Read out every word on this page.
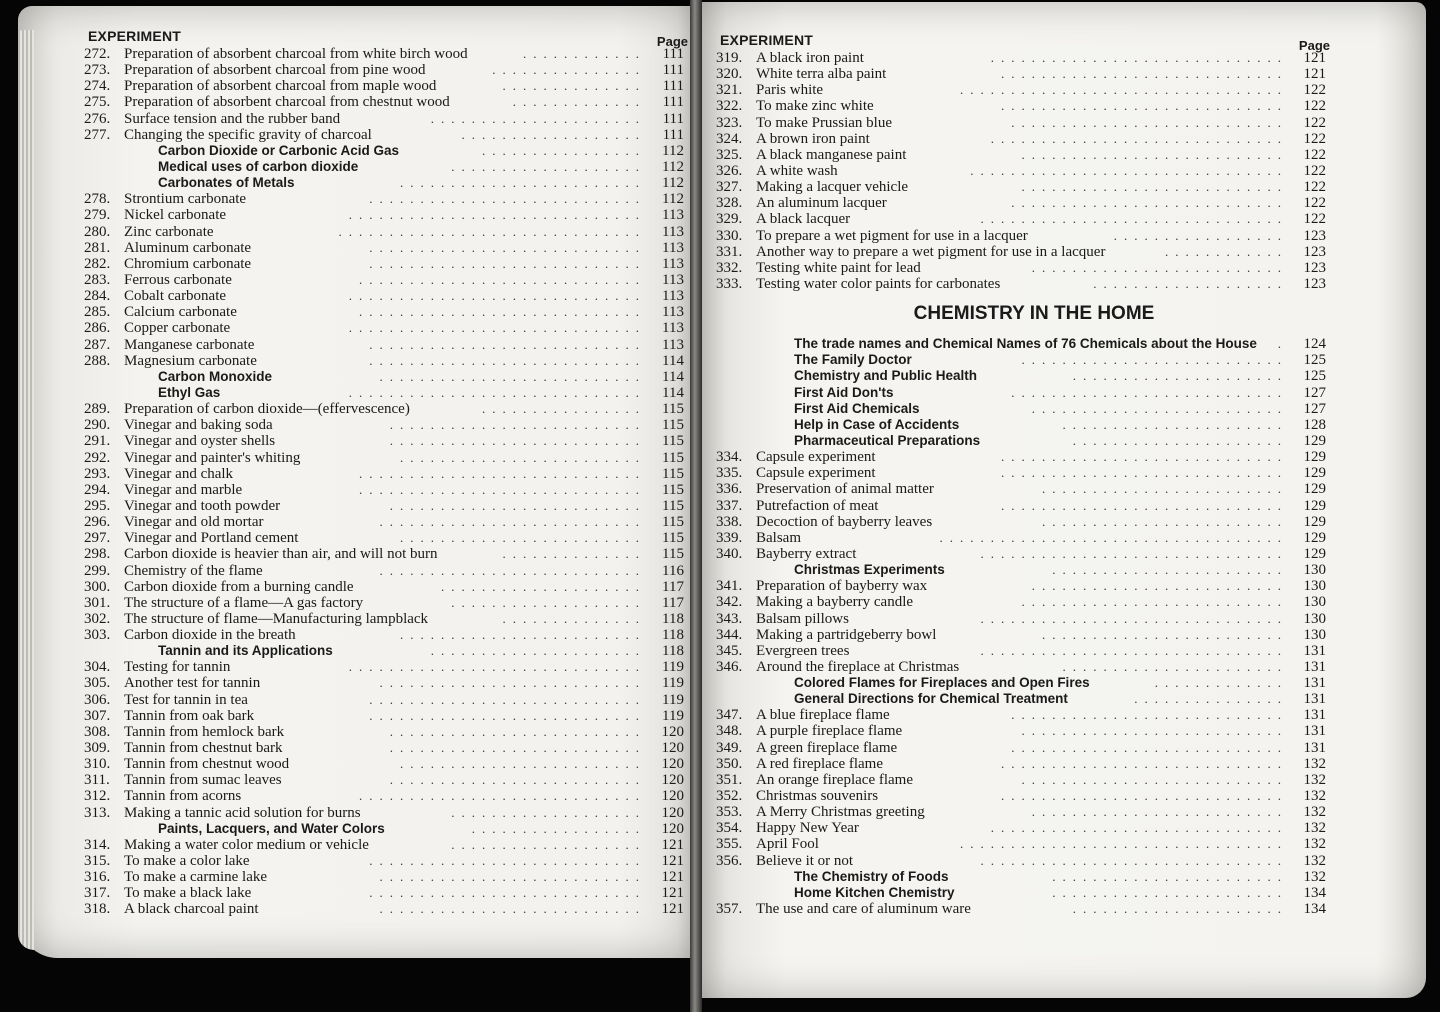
EXPERIMENT	Page
272. Preparation of absorbent charcoal from white birch wood	............	111
273. Preparation of absorbent charcoal from pine wood	...............	111
274. Preparation of absorbent charcoal from maple wood	..............	111
275. Preparation of absorbent charcoal from chestnut wood	.............	111
276. Surface tension and the rubber band	.....................	111
277. Changing the specific gravity of charcoal	..................	111
Carbon Dioxide or Carbonic Acid Gas	................	112
Medical uses of carbon dioxide	...................	112
Carbonates of Metals	........................	112
278. Strontium carbonate	...........................	112
279. Nickel carbonate	.............................	113
280. Zinc carbonate	..............................	113
281. Aluminum carbonate	...........................	113
282. Chromium carbonate	...........................	113
283. Ferrous carbonate	............................	113
284. Cobalt carbonate	.............................	113
285. Calcium carbonate	............................	113
286. Copper carbonate	.............................	113
287. Manganese carbonate	...........................	113
288. Magnesium carbonate	...........................	114
Carbon Monoxide	..........................	114
Ethyl Gas	.............................	114
289. Preparation of carbon dioxide—(effervescence)	................	115
290. Vinegar and baking soda	.........................	115
291. Vinegar and oyster shells	.........................	115
292. Vinegar and painter's whiting	........................	115
293. Vinegar and chalk	............................	115
294. Vinegar and marble	............................	115
295. Vinegar and tooth powder	.........................	115
296. Vinegar and old mortar	..........................	115
297. Vinegar and Portland cement	........................	115
298. Carbon dioxide is heavier than air, and will not burn	..............	115
299. Chemistry of the flame	..........................	116
300. Carbon dioxide from a burning candle	....................	117
301. The structure of a flame—A gas factory	...................	117
302. The structure of flame—Manufacturing lampblack	..............	118
303. Carbon dioxide in the breath	........................	118
Tannin and its Applications	.....................	118
304. Testing for tannin	.............................	119
305. Another test for tannin	..........................	119
306. Test for tannin in tea	...........................	119
307. Tannin from oak bark	...........................	119
308. Tannin from hemlock bark	.........................	120
309. Tannin from chestnut bark	.........................	120
310. Tannin from chestnut wood	........................	120
311. Tannin from sumac leaves	.........................	120
312. Tannin from acorns	............................	120
313. Making a tannic acid solution for burns	...................	120
Paints, Lacquers, and Water Colors	.................	120
314. Making a water color medium or vehicle	...................	121
315. To make a color lake	...........................	121
316. To make a carmine lake	..........................	121
317. To make a black lake	...........................	121
318. A black charcoal paint	..........................	121
EXPERIMENT	Page
319. A black iron paint	.............................	121
320. White terra alba paint	............................	121
321. Paris white	................................	122
322. To make zinc white	............................	122
323. To make Prussian blue	...........................	122
324. A brown iron paint	.............................	122
325. A black manganese paint	..........................	122
326. A white wash	...............................	122
327. Making a lacquer vehicle	..........................	122
328. An aluminum lacquer	...........................	122
329. A black lacquer	..............................	122
330. To prepare a wet pigment for use in a lacquer	.................	123
331. Another way to prepare a wet pigment for use in a lacquer	............	123
332. Testing white paint for lead	.........................	123
333. Testing water color paints for carbonates	...................	123
CHEMISTRY IN THE HOME
The trade names and Chemical Names of 76 Chemicals about the House	.	124
The Family Doctor	..........................	125
Chemistry and Public Health	.....................	125
First Aid Don'ts	...........................	127
First Aid Chemicals	.........................	127
Help in Case of Accidents	......................	128
Pharmaceutical Preparations	.....................	129
334. Capsule experiment	............................	129
335. Capsule experiment	............................	129
336. Preservation of animal matter	........................	129
337. Putrefaction of meat	............................	129
338. Decoction of bayberry leaves	........................	129
339. Balsam	..................................	129
340. Bayberry extract	..............................	129
Christmas Experiments	.......................	130
341. Preparation of bayberry wax	.........................	130
342. Making a bayberry candle	..........................	130
343. Balsam pillows	..............................	130
344. Making a partridgeberry bowl	........................	130
345. Evergreen trees	..............................	131
346. Around the fireplace at Christmas	......................	131
Colored Flames for Fireplaces and Open Fires	.............	131
General Directions for Chemical Treatment	...............	131
347. A blue fireplace flame	...........................	131
348. A purple fireplace flame	..........................	131
349. A green fireplace flame	...........................	131
350. A red fireplace flame	............................	132
351. An orange fireplace flame	..........................	132
352. Christmas souvenirs	............................	132
353. A Merry Christmas greeting	.........................	132
354. Happy New Year	.............................	132
355. April Fool	................................	132
356. Believe it or not	..............................	132
The Chemistry of Foods	.......................	132
Home Kitchen Chemistry	.......................	134
357. The use and care of aluminum ware	.....................	134
